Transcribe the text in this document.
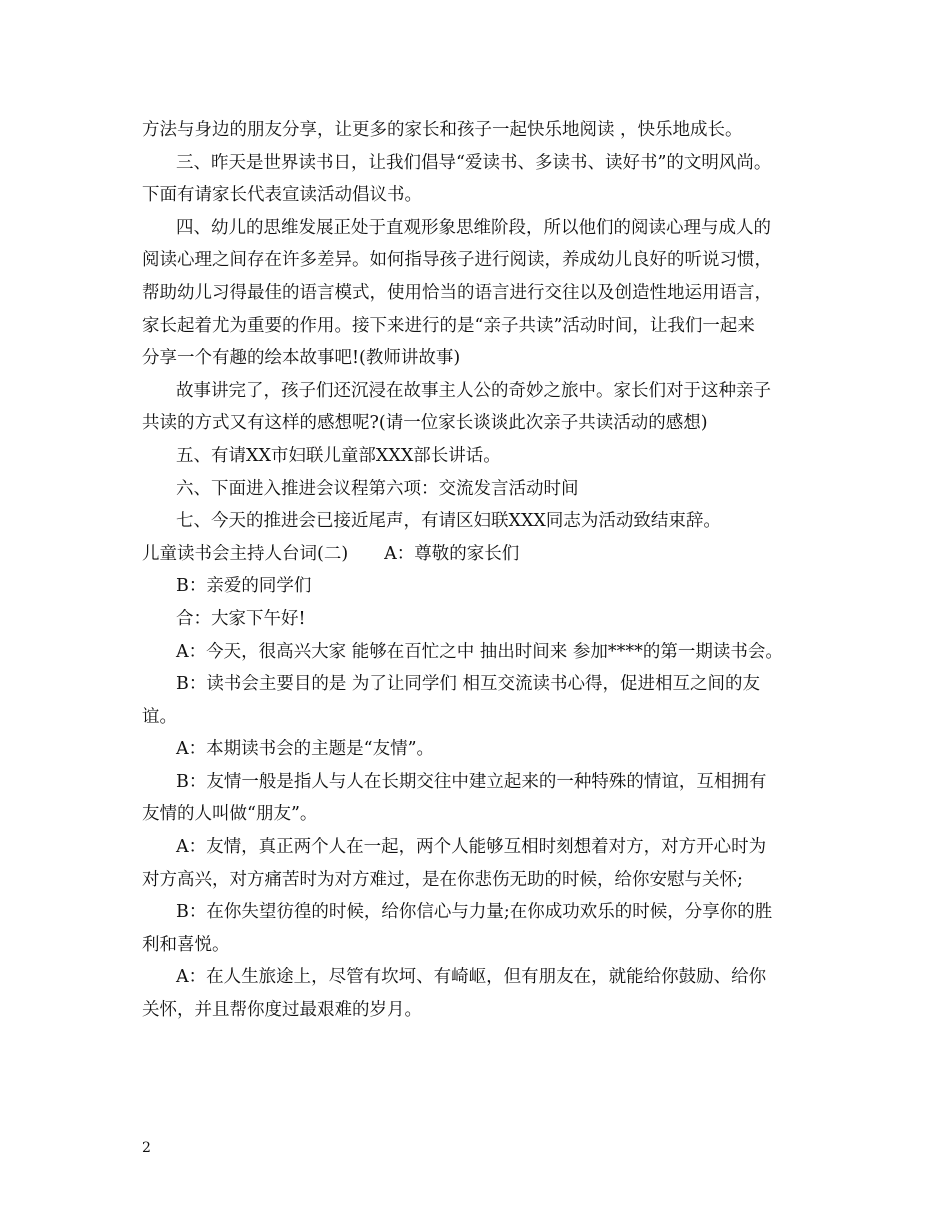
方法与身边的朋友分享，让更多的家长和孩子一起快乐地阅读 ，快乐地成长。
三、昨天是世界读书日，让我们倡导“爱读书、多读书、读好书”的文明风尚。
下面有请家长代表宣读活动倡议书。
四、幼儿的思维发展正处于直观形象思维阶段，所以他们的阅读心理与成人的
阅读心理之间存在许多差异。如何指导孩子进行阅读，养成幼儿良好的听说习惯，
帮助幼儿习得最佳的语言模式，使用恰当的语言进行交往以及创造性地运用语言，
家长起着尤为重要的作用。接下来进行的是“亲子共读”活动时间，让我们一起来
分享一个有趣的绘本故事吧!(教师讲故事)
故事讲完了，孩子们还沉浸在故事主人公的奇妙之旅中。家长们对于这种亲子
共读的方式又有这样的感想呢?(请一位家长谈谈此次亲子共读活动的感想)
五、有请XX市妇联儿童部XXX部长讲话。
六、下面进入推进会议程第六项：交流发言活动时间
七、今天的推进会已接近尾声，有请区妇联XXX同志为活动致结束辞。
儿童读书会主持人台词(二) A：尊敬的家长们
B：亲爱的同学们
合：大家下午好!
A：今天，很高兴大家 能够在百忙之中 抽出时间来 参加****的第一期读书会。
B：读书会主要目的是 为了让同学们 相互交流读书心得，促进相互之间的友
谊。
A：本期读书会的主题是“友情”。
B：友情一般是指人与人在长期交往中建立起来的一种特殊的情谊，互相拥有
友情的人叫做“朋友”。
A：友情，真正两个人在一起，两个人能够互相时刻想着对方，对方开心时为
对方高兴，对方痛苦时为对方难过，是在你悲伤无助的时候，给你安慰与关怀;
B：在你失望彷徨的时候，给你信心与力量;在你成功欢乐的时候，分享你的胜
利和喜悦。
A：在人生旅途上，尽管有坎坷、有崎岖，但有朋友在，就能给你鼓励、给你
关怀，并且帮你度过最艰难的岁月。
2
